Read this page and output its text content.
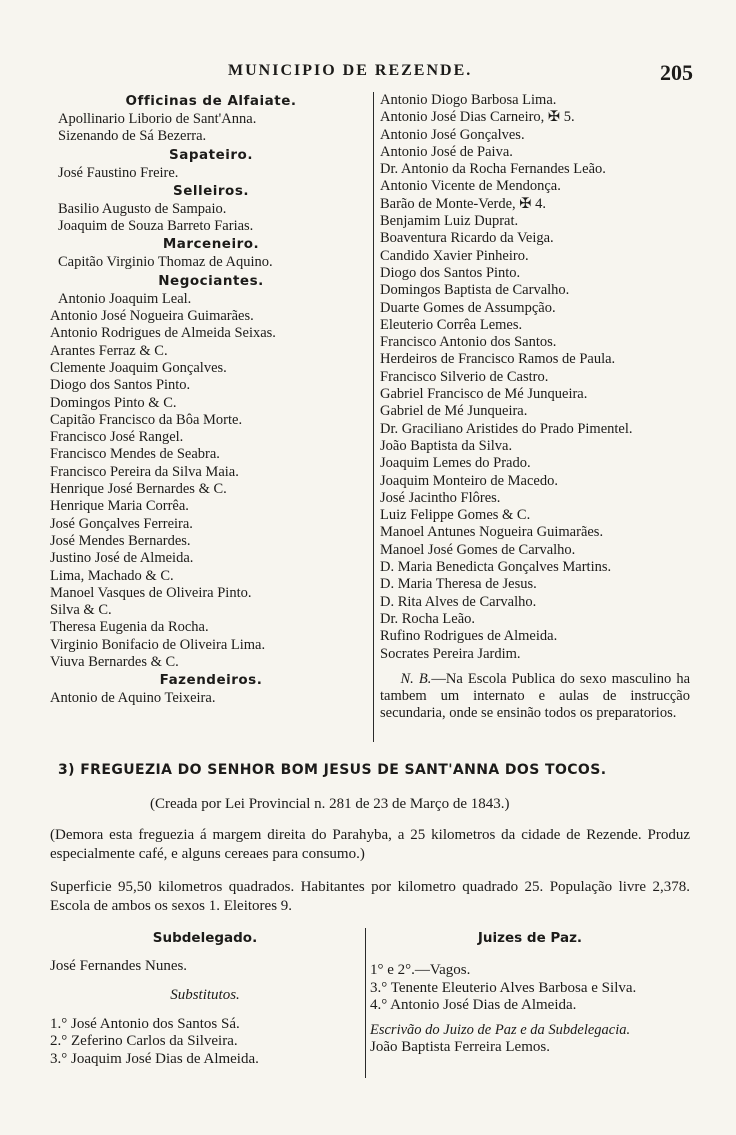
MUNICIPIO DE REZENDE.	205
Officinas de Alfaiate.
Apollinario Liborio de Sant'Anna.
Sizenando de Sá Bezerra.
Sapateiro.
José Faustino Freire.
Selleiros.
Basilio Augusto de Sampaio.
Joaquim de Souza Barreto Farias.
Marceneiro.
Capitão Virginio Thomaz de Aquino.
Negociantes.
Antonio Joaquim Leal.
Antonio José Nogueira Guimarães.
Antonio Rodrigues de Almeida Seixas.
Arantes Ferraz & C.
Clemente Joaquim Gonçalves.
Diogo dos Santos Pinto.
Domingos Pinto & C.
Capitão Francisco da Bôa Morte.
Francisco José Rangel.
Francisco Mendes de Seabra.
Francisco Pereira da Silva Maia.
Henrique José Bernardes & C.
Henrique Maria Corrêa.
José Gonçalves Ferreira.
José Mendes Bernardes.
Justino José de Almeida.
Lima, Machado & C.
Manoel Vasques de Oliveira Pinto.
Silva & C.
Theresa Eugenia da Rocha.
Virginio Bonifacio de Oliveira Lima.
Viuva Bernardes & C.
Fazendeiros.
Antonio de Aquino Teixeira.
Antonio Diogo Barbosa Lima.
Antonio José Dias Carneiro, ✠ 5.
Antonio José Gonçalves.
Antonio José de Paiva.
Dr. Antonio da Rocha Fernandes Leão.
Antonio Vicente de Mendonça.
Barão de Monte-Verde, ✠ 4.
Benjamim Luiz Duprat.
Boaventura Ricardo da Veiga.
Candido Xavier Pinheiro.
Diogo dos Santos Pinto.
Domingos Baptista de Carvalho.
Duarte Gomes de Assumpção.
Eleuterio Corrêa Lemes.
Francisco Antonio dos Santos.
Herdeiros de Francisco Ramos de Paula.
Francisco Silverio de Castro.
Gabriel Francisco de Mé Junqueira.
Gabriel de Mé Junqueira.
Dr. Graciliano Aristides do Prado Pimentel.
João Baptista da Silva.
Joaquim Lemes do Prado.
Joaquim Monteiro de Macedo.
José Jacintho Flôres.
Luiz Felippe Gomes & C.
Manoel Antunes Nogueira Guimarães.
Manoel José Gomes de Carvalho.
D. Maria Benedicta Gonçalves Martins.
D. Maria Theresa de Jesus.
D. Rita Alves de Carvalho.
Dr. Rocha Leão.
Rufino Rodrigues de Almeida.
Socrates Pereira Jardim.
N. B.—Na Escola Publica do sexo masculino ha tambem um internato e aulas de instrucção secundaria, onde se ensinão todos os preparatorios.
3) FREGUEZIA DO SENHOR BOM JESUS DE SANT'ANNA DOS TOCOS.
(Creada por Lei Provincial n. 281 de 23 de Março de 1843.)
(Demora esta freguezia á margem direita do Parahyba, a 25 kilometros da cidade de Rezende. Produz especialmente café, e alguns cereaes para consumo.)
Superficie 95,50 kilometros quadrados. Habitantes por kilometro quadrado 25. População livre 2,378. Escola de ambos os sexos 1. Eleitores 9.
Subdelegado.
José Fernandes Nunes.
Substitutos.
1.° José Antonio dos Santos Sá.
2.° Zeferino Carlos da Silveira.
3.° Joaquim José Dias de Almeida.
Juizes de Paz.
1° e 2°.—Vagos.
3.° Tenente Eleuterio Alves Barbosa e Silva.
4.° Antonio José Dias de Almeida.
Escrivão do Juizo de Paz e da Subdelegacia.
João Baptista Ferreira Lemos.
